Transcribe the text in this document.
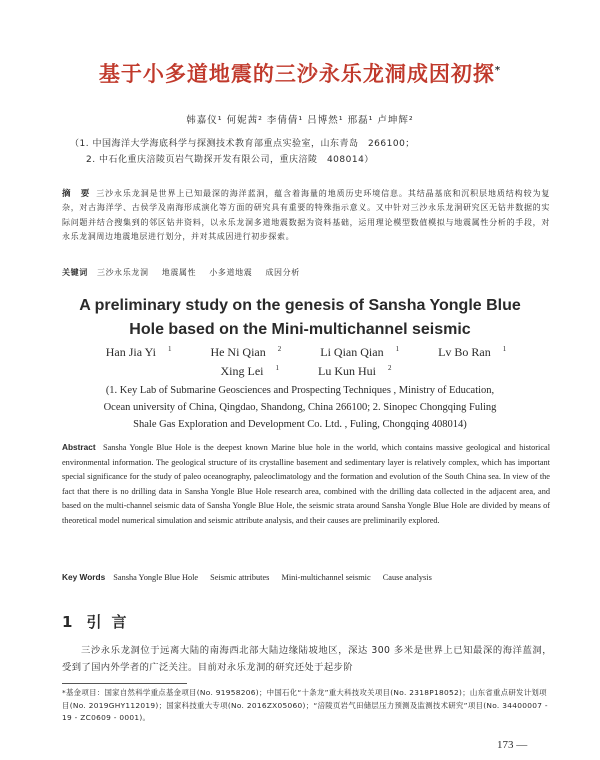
基于小多道地震的三沙永乐龙洞成因初探*
韩嘉仪¹ 何妮茜² 李倩倩¹ 吕博然¹ 邢磊¹ 卢坤辉²
（1. 中国海洋大学海底科学与探测技术教育部重点实验室，山东青岛　266100；
2. 中石化重庆涪陵页岩气勘探开发有限公司，重庆涪陵　408014）
摘　要 三沙永乐龙洞是世界上已知最深的海洋蓝洞，蕴含着海量的地质历史环境信息。其结晶基底和沉积层地质结构较为复杂，对古海洋学、古侯学及南海形成演化等方面的研究具有重要的特殊指示意义。又中针对三沙永乐龙洞研究区无钻井数据的实际问题并结合搜集到的邻区钻井资料，以永乐龙洞多道地震数据为资料基础，运用理论模型数值模拟与地震属性分析的手段，对永乐龙洞周边地震地层进行划分，并对其成因进行初步探索。
关键词 三沙永乐龙洞 地震属性 小多道地震 成因分析
A preliminary study on the genesis of Sansha Yongle Blue
Hole based on the Mini-multichannel seismic
Han Jia Yi $^1$	He Ni Qian $^2$	Li Qian Qian $^1$	Lv Bo Ran $^1$
Xing Lei $^1$	Lu Kun Hui $^2$
(1. Key Lab of Submarine Geosciences and Prospecting Techniques , Ministry of Education,
Ocean university of China, Qingdao, Shandong, China 266100; 2. Sinopec Chongqing Fuling
Shale Gas Exploration and Development Co. Ltd. , Fuling, Chongqing 408014)
Abstract Sansha Yongle Blue Hole is the deepest known Marine blue hole in the world, which contains massive geological and historical environmental information. The geological structure of its crystalline basement and sedimentary layer is relatively complex, which has important special significance for the study of paleo oceanography, paleoclimatology and the formation and evolution of the South China sea. In view of the fact that there is no drilling data in Sansha Yongle Blue Hole research area, combined with the drilling data collected in the adjacent area, and based on the multi-channel seismic data of Sansha Yongle Blue Hole, the seismic strata around Sansha Yongle Blue Hole are divided by means of theoretical model numerical simulation and seismic attribute analysis, and their causes are preliminarily explored.
Key Words Sansha Yongle Blue Hole Seismic attributes Mini-multichannel seismic Cause analysis
1 引言
三沙永乐龙洞位于远离大陆的南海西北部大陆边缘陆坡地区，深达 300 多米是世界上已知最深的海洋蓝洞，受到了国内外学者的广泛关注。目前对永乐龙洞的研究还处于起步阶
*基金项目：国家自然科学重点基金项目(No. 91958206)；中国石化“十条龙”重大科技攻关项目(No. 2318P18052)；山东省重点研发计划项目(No. 2019GHY112019)；国家科技重大专项(No. 2016ZX05060)；“涪陵页岩气田储层压力预测及监测技术研究”项目(No. 34400007 - 19 - ZC0609 - 0001)。
173 —
